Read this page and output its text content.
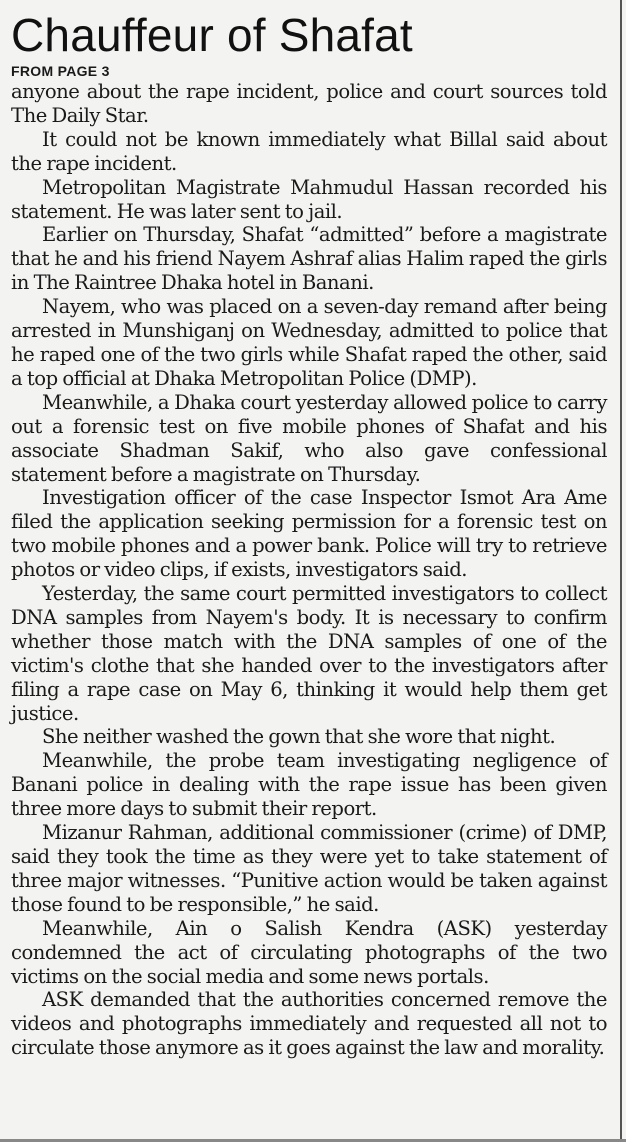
Chauffeur of Shafat
FROM PAGE 3

anyone about the rape incident, police and court sources told The Daily Star.

It could not be known immediately what Billal said about the rape incident.

Metropolitan Magistrate Mahmudul Hassan recorded his statement. He was later sent to jail.

Earlier on Thursday, Shafat “admitted” before a magistrate that he and his friend Nayem Ashraf alias Halim raped the girls in The Raintree Dhaka hotel in Banani.

Nayem, who was placed on a seven-day remand after being arrested in Munshiganj on Wednesday, admitted to police that he raped one of the two girls while Shafat raped the other, said a top official at Dhaka Metropolitan Police (DMP).

Meanwhile, a Dhaka court yesterday allowed police to carry out a forensic test on five mobile phones of Shafat and his associate Shadman Sakif, who also gave confessional statement before a magistrate on Thursday.

Investigation officer of the case Inspector Ismot Ara Ame filed the application seeking permission for a forensic test on two mobile phones and a power bank. Police will try to retrieve photos or video clips, if exists, investigators said.

Yesterday, the same court permitted investigators to collect DNA samples from Nayem's body. It is necessary to confirm whether those match with the DNA samples of one of the victim's clothe that she handed over to the investigators after filing a rape case on May 6, thinking it would help them get justice.

She neither washed the gown that she wore that night.

Meanwhile, the probe team investigating negligence of Banani police in dealing with the rape issue has been given three more days to submit their report.

Mizanur Rahman, additional commissioner (crime) of DMP, said they took the time as they were yet to take statement of three major witnesses. “Punitive action would be taken against those found to be responsible,” he said.

Meanwhile, Ain o Salish Kendra (ASK) yesterday condemned the act of circulating photographs of the two victims on the social media and some news portals.

ASK demanded that the authorities concerned remove the videos and photographs immediately and requested all not to circulate those anymore as it goes against the law and morality.
